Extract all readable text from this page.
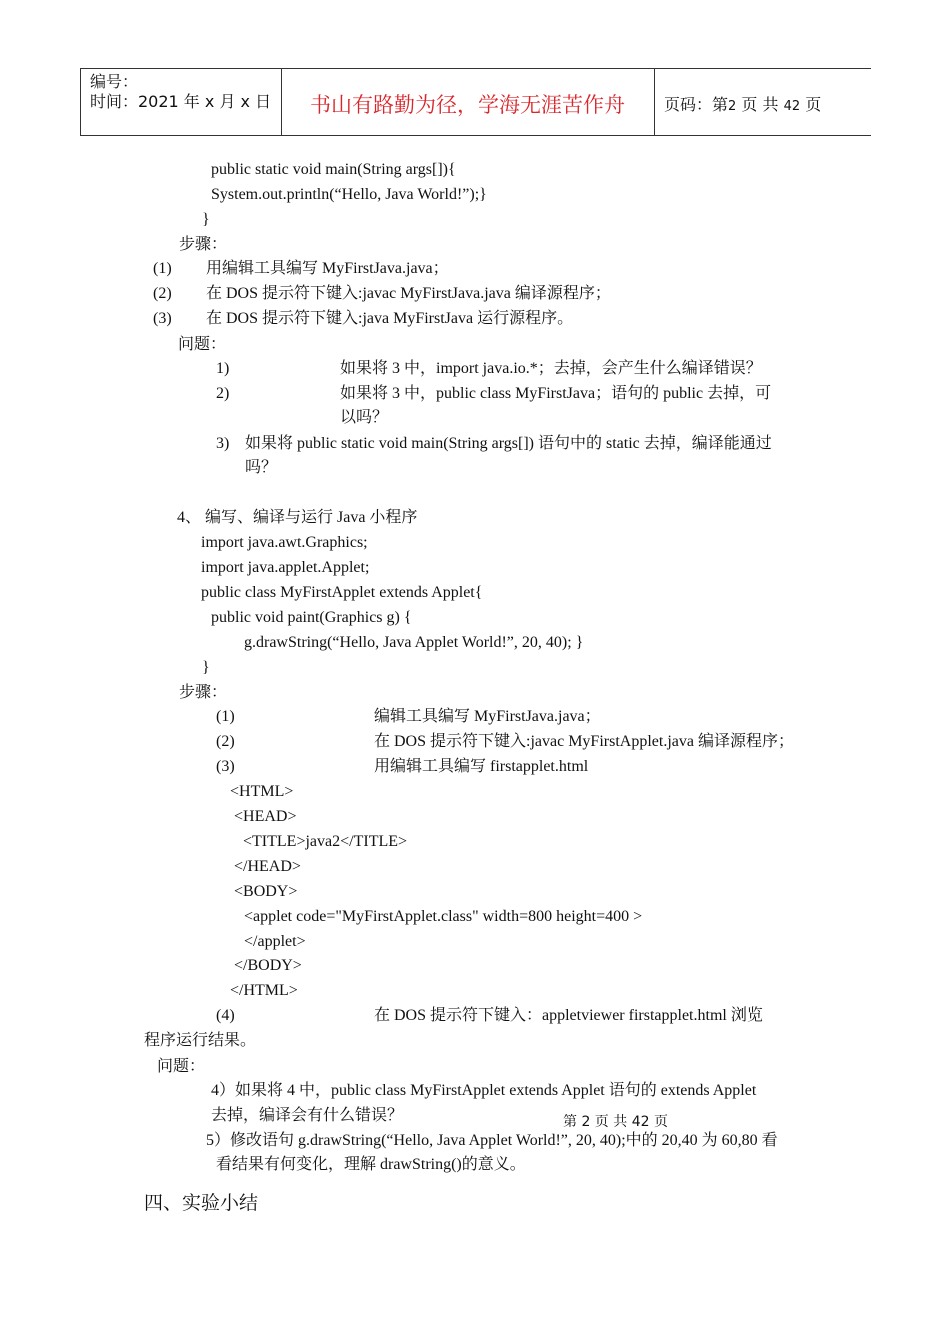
编号：
时间：2021 年 x 月 x 日	书山有路勤为径，学海无涯苦作舟	页码：第2 页 共 42 页
public static void main(String args[]){
System.out.println(“Hello, Java World!”);}
}
步骤：
(1) 用编辑工具编写 MyFirstJava.java；
(2) 在 DOS 提示符下键入:javac MyFirstJava.java 编译源程序；
(3) 在 DOS 提示符下键入:java MyFirstJava 运行源程序。
问题：
1)	如果将 3 中，import java.io.*；去掉，会产生什么编译错误？
2)	如果将 3 中，public class MyFirstJava；语句的 public 去掉，可
以吗？
3) 如果将 public static void main(String args[]) 语句中的 static 去掉，编译能通过
吗？
4、 编写、编译与运行 Java 小程序
import java.awt.Graphics;
import java.applet.Applet;
public class MyFirstApplet extends Applet{
public void paint(Graphics g) {
g.drawString(“Hello, Java Applet World!”, 20, 40); }
}
步骤：
(1)	编辑工具编写 MyFirstJava.java；
(2)	在 DOS 提示符下键入:javac MyFirstApplet.java 编译源程序；
(3)	用编辑工具编写 firstapplet.html
<HTML>
<HEAD>
<TITLE>java2</TITLE>
</HEAD>
<BODY>
<applet code="MyFirstApplet.class" width=800 height=400 >
</applet>
</BODY>
</HTML>
(4)	在 DOS 提示符下键入：appletviewer firstapplet.html 浏览
程序运行结果。
问题：
4）如果将 4 中，public class MyFirstApplet extends Applet 语句的 extends Applet
去掉，编译会有什么错误？	第 2 页 共 42 页
5）修改语句 g.drawString(“Hello, Java Applet World!”, 20, 40);中的 20,40 为 60,80 看
看结果有何变化，理解 drawString()的意义。
四、实验小结
